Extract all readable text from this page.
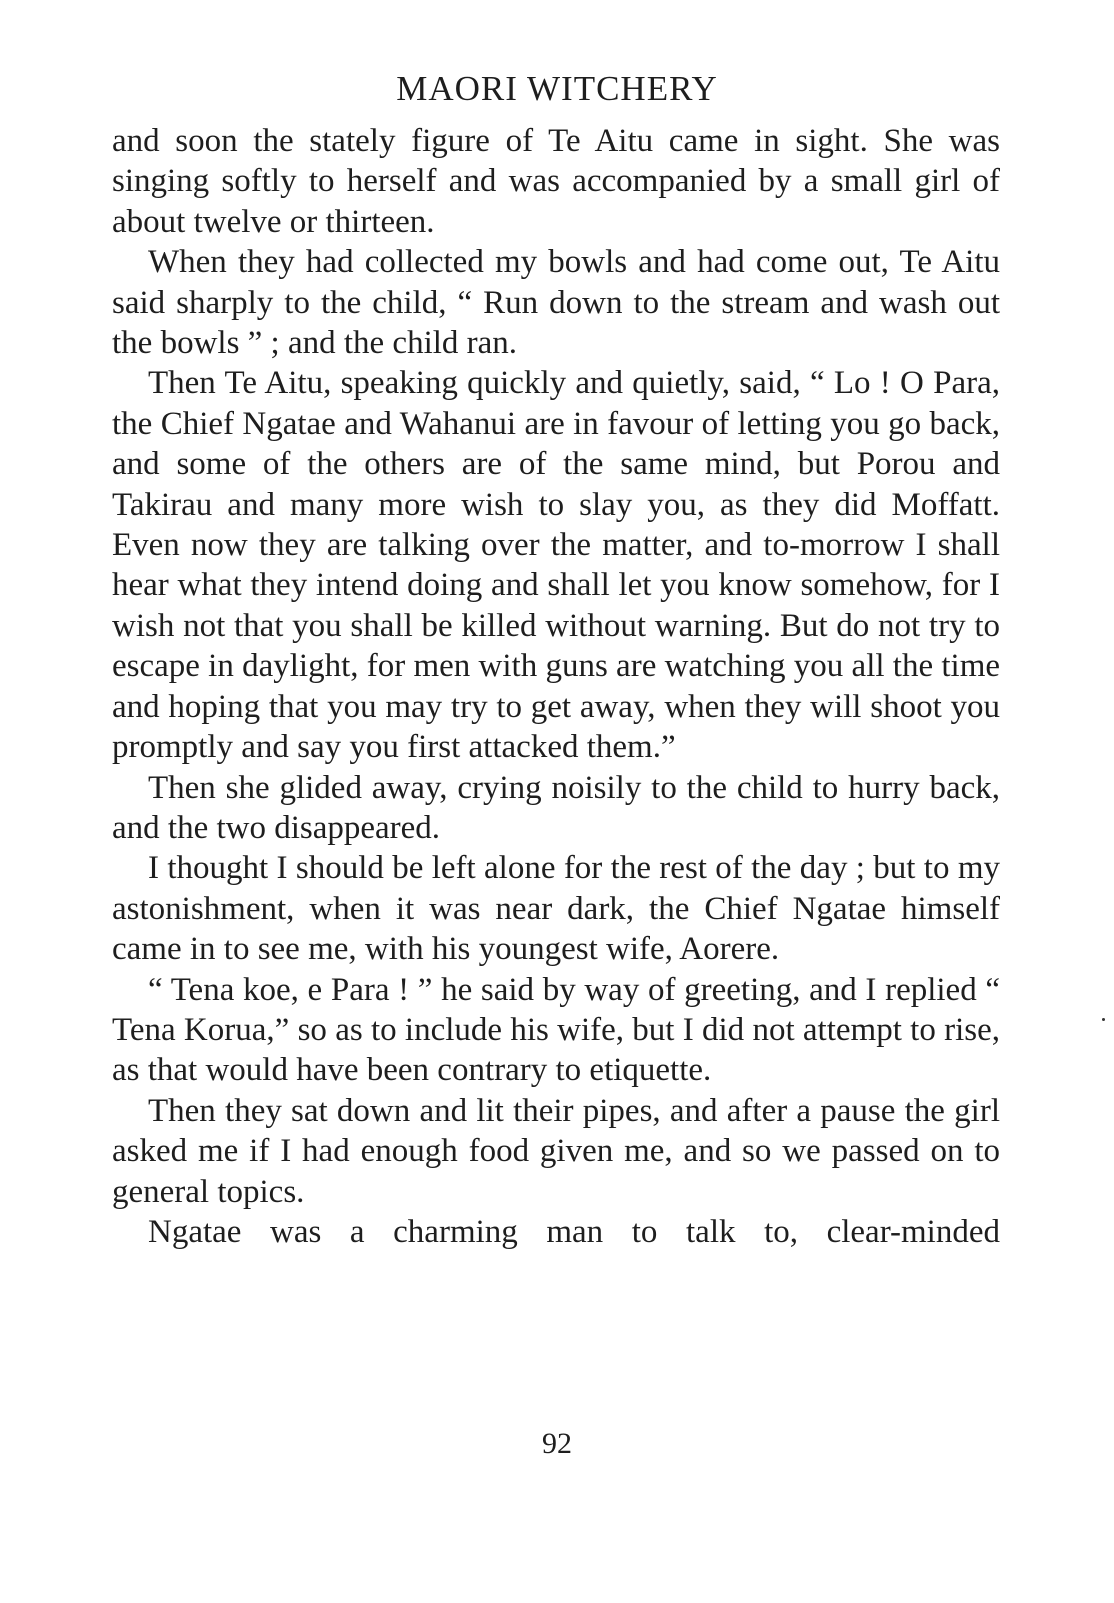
MAORI WITCHERY

and soon the stately figure of Te Aitu came in sight. She was singing softly to herself and was accompanied by a small girl of about twelve or thirteen.

When they had collected my bowls and had come out, Te Aitu said sharply to the child, “ Run down to the stream and wash out the bowls ” ; and the child ran.

Then Te Aitu, speaking quickly and quietly, said, “ Lo ! O Para, the Chief Ngatae and Wahanui are in favour of letting you go back, and some of the others are of the same mind, but Porou and Takirau and many more wish to slay you, as they did Moffatt. Even now they are talking over the matter, and to-morrow I shall hear what they intend doing and shall let you know somehow, for I wish not that you shall be killed without warning. But do not try to escape in daylight, for men with guns are watching you all the time and hoping that you may try to get away, when they will shoot you promptly and say you first attacked them.”

Then she glided away, crying noisily to the child to hurry back, and the two disappeared.

I thought I should be left alone for the rest of the day ; but to my astonishment, when it was near dark, the Chief Ngatae himself came in to see me, with his youngest wife, Aorere.

“ Tena koe, e Para ! ” he said by way of greeting, and I replied “ Tena Korua,” so as to include his wife, but I did not attempt to rise, as that would have been contrary to etiquette.

Then they sat down and lit their pipes, and after a pause the girl asked me if I had enough food given me, and so we passed on to general topics.

Ngatae was a charming man to talk to, clear-minded

92
